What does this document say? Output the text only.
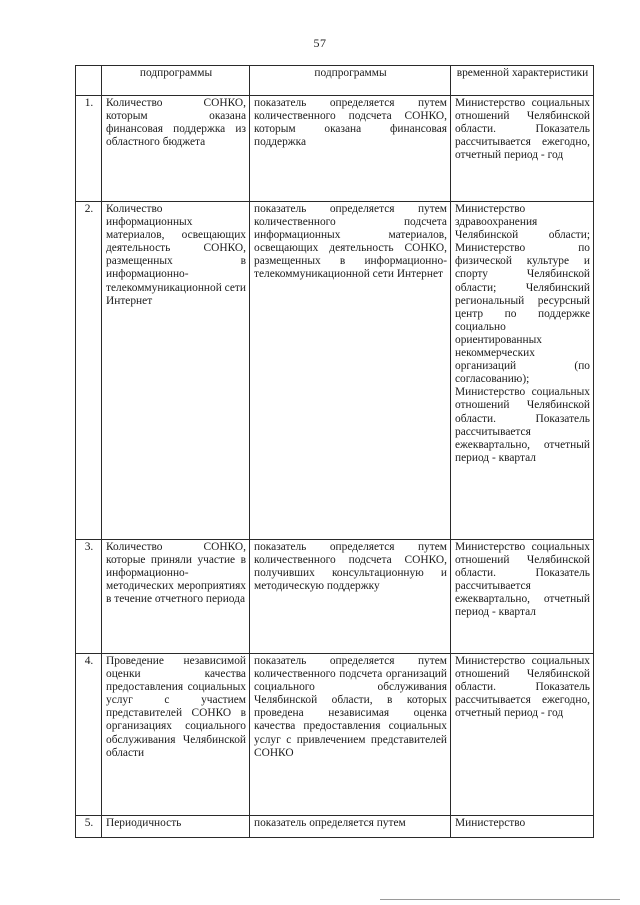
57
	подпрограммы	подпрограммы	временной характеристики
1.	Количество СОНКО, которым оказана финансовая поддержка из областного бюджета	показатель определяется путем количественного подсчета СОНКО, которым оказана финансовая поддержка	Министерство социальных отношений Челябинской области. Показатель рассчитывается ежегодно, отчетный период - год
2.	Количество информационных материалов, освещающих деятельность СОНКО, размещенных в информационно-телекоммуникационной сети Интернет	показатель определяется путем количественного подсчета информационных материалов, освещающих деятельность СОНКО, размещенных в информационно-телекоммуникационной сети Интернет	Министерство здравоохранения Челябинской области; Министерство по физической культуре и спорту Челябинской области; Челябинский региональный ресурсный центр по поддержке социально ориентированных некоммерческих организаций (по согласованию); Министерство социальных отношений Челябинской области. Показатель рассчитывается ежеквартально, отчетный период - квартал
3.	Количество СОНКО, которые приняли участие в информационно-методических мероприятиях в течение отчетного периода	показатель определяется путем количественного подсчета СОНКО, получивших консультационную и методическую поддержку	Министерство социальных отношений Челябинской области. Показатель рассчитывается ежеквартально, отчетный период - квартал
4.	Проведение независимой оценки качества предоставления социальных услуг с участием представителей СОНКО в организациях социального обслуживания Челябинской области	показатель определяется путем количественного подсчета организаций социального обслуживания Челябинской области, в которых проведена независимая оценка качества предоставления социальных услуг с привлечением представителей СОНКО	Министерство социальных отношений Челябинской области. Показатель рассчитывается ежегодно, отчетный период - год
5.	Периодичность	показатель определяется путем	Министерство
